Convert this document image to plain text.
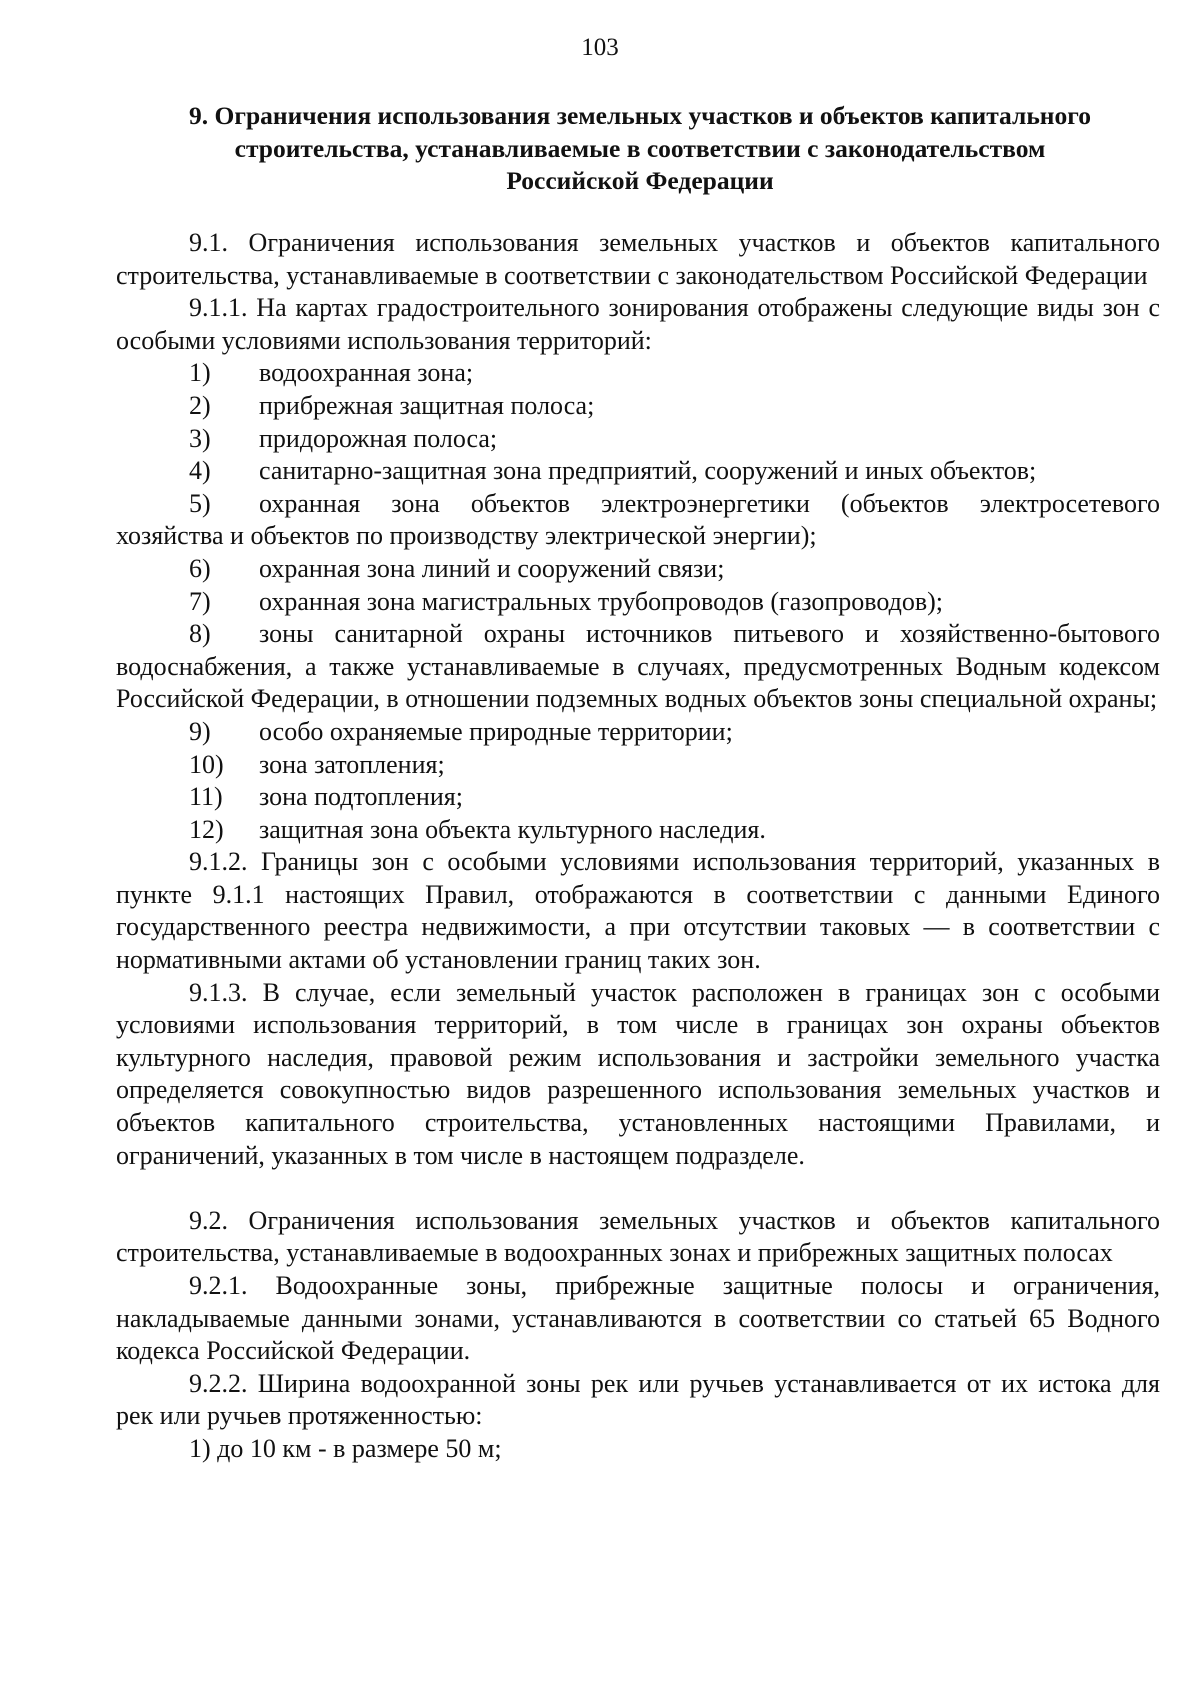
103
9. Ограничения использования земельных участков и объектов капитального
строительства, устанавливаемые в соответствии с законодательством
Российской Федерации

9.1. Ограничения использования земельных участков и объектов капитального строительства, устанавливаемые в соответствии с законодательством Российской Федерации

9.1.1. На картах градостроительного зонирования отображены следующие виды зон с особыми условиями использования территорий:

1) водоохранная зона;

2) прибрежная защитная полоса;

3) придорожная полоса;

4) санитарно-защитная зона предприятий, сооружений и иных объектов;

5) охранная зона объектов электроэнергетики (объектов электросетевого

хозяйства и объектов по производству электрической энергии);

6) охранная зона линий и сооружений связи;

7) охранная зона магистральных трубопроводов (газопроводов);

8) зоны санитарной охраны источников питьевого и хозяйственно-бытового

водоснабжения, а также устанавливаемые в случаях, предусмотренных Водным кодексом Российской Федерации, в отношении подземных водных объектов зоны специальной охраны;

9) особо охраняемые природные территории;

10) зона затопления;

11) зона подтопления;

12) защитная зона объекта культурного наследия.

9.1.2. Границы зон с особыми условиями использования территорий, указанных в пункте 9.1.1 настоящих Правил, отображаются в соответствии с данными Единого государственного реестра недвижимости, а при отсутствии таковых — в соответствии с нормативными актами об установлении границ таких зон.

9.1.3. В случае, если земельный участок расположен в границах зон с особыми условиями использования территорий, в том числе в границах зон охраны объектов культурного наследия, правовой режим использования и застройки земельного участка определяется совокупностью видов разрешенного использования земельных участков и объектов капитального строительства, установленных настоящими Правилами, и ограничений, указанных в том числе в настоящем подразделе.

9.2. Ограничения использования земельных участков и объектов капитального строительства, устанавливаемые в водоохранных зонах и прибрежных защитных полосах

9.2.1. Водоохранные зоны, прибрежные защитные полосы и ограничения, накладываемые данными зонами, устанавливаются в соответствии со статьей 65 Водного кодекса Российской Федерации.

9.2.2. Ширина водоохранной зоны рек или ручьев устанавливается от их истока для рек или ручьев протяженностью:

1) до 10 км - в размере 50 м;
